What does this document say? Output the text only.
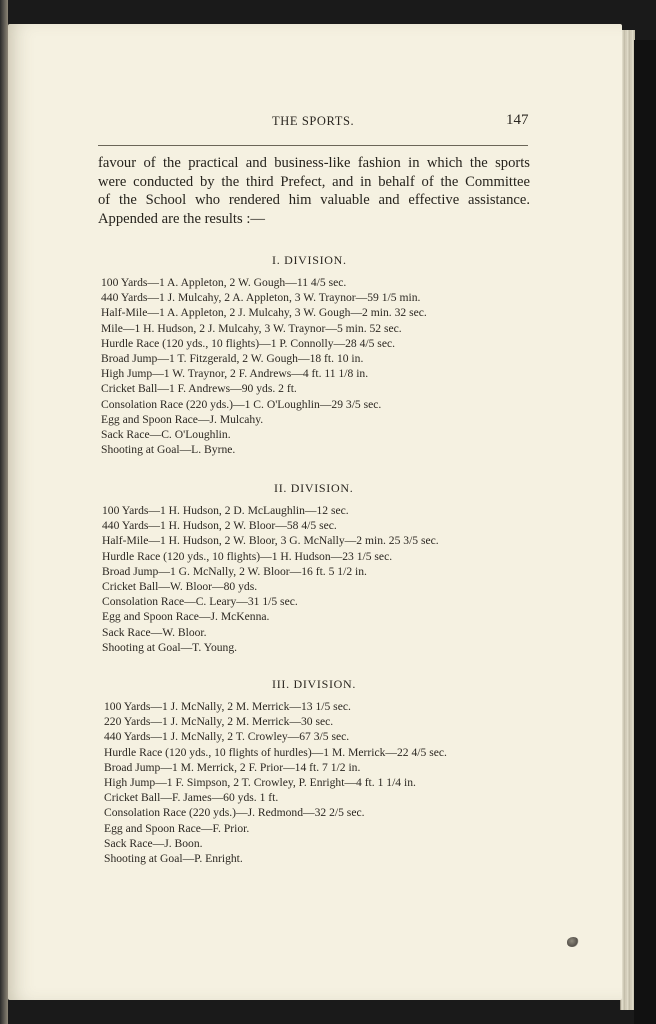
THE SPORTS.	147
favour of the practical and business-like fashion in which the sports
were conducted by the third Prefect, and in behalf of the Committee
of the School who rendered him valuable and effective assistance.
Appended are the results :—
I. DIVISION.
100 Yards—1 A. Appleton, 2 W. Gough—11 4/5 sec.
440 Yards—1 J. Mulcahy, 2 A. Appleton, 3 W. Traynor—59 1/5 min.
Half-Mile—1 A. Appleton, 2 J. Mulcahy, 3 W. Gough—2 min. 32 sec.
Mile—1 H. Hudson, 2 J. Mulcahy, 3 W. Traynor—5 min. 52 sec.
Hurdle Race (120 yds., 10 flights)—1 P. Connolly—28 4/5 sec.
Broad Jump—1 T. Fitzgerald, 2 W. Gough—18 ft. 10 in.
High Jump—1 W. Traynor, 2 F. Andrews—4 ft. 11 1/8 in.
Cricket Ball—1 F. Andrews—90 yds. 2 ft.
Consolation Race (220 yds.)—1 C. O'Loughlin—29 3/5 sec.
Egg and Spoon Race—J. Mulcahy.
Sack Race—C. O'Loughlin.
Shooting at Goal—L. Byrne.
II. DIVISION.
100 Yards—1 H. Hudson, 2 D. McLaughlin—12 sec.
440 Yards—1 H. Hudson, 2 W. Bloor—58 4/5 sec.
Half-Mile—1 H. Hudson, 2 W. Bloor, 3 G. McNally—2 min. 25 3/5 sec.
Hurdle Race (120 yds., 10 flights)—1 H. Hudson—23 1/5 sec.
Broad Jump—1 G. McNally, 2 W. Bloor—16 ft. 5 1/2 in.
Cricket Ball—W. Bloor—80 yds.
Consolation Race—C. Leary—31 1/5 sec.
Egg and Spoon Race—J. McKenna.
Sack Race—W. Bloor.
Shooting at Goal—T. Young.
III. DIVISION.
100 Yards—1 J. McNally, 2 M. Merrick—13 1/5 sec.
220 Yards—1 J. McNally, 2 M. Merrick—30 sec.
440 Yards—1 J. McNally, 2 T. Crowley—67 3/5 sec.
Hurdle Race (120 yds., 10 flights of hurdles)—1 M. Merrick—22 4/5 sec.
Broad Jump—1 M. Merrick, 2 F. Prior—14 ft. 7 1/2 in.
High Jump—1 F. Simpson, 2 T. Crowley, P. Enright—4 ft. 1 1/4 in.
Cricket Ball—F. James—60 yds. 1 ft.
Consolation Race (220 yds.)—J. Redmond—32 2/5 sec.
Egg and Spoon Race—F. Prior.
Sack Race—J. Boon.
Shooting at Goal—P. Enright.
